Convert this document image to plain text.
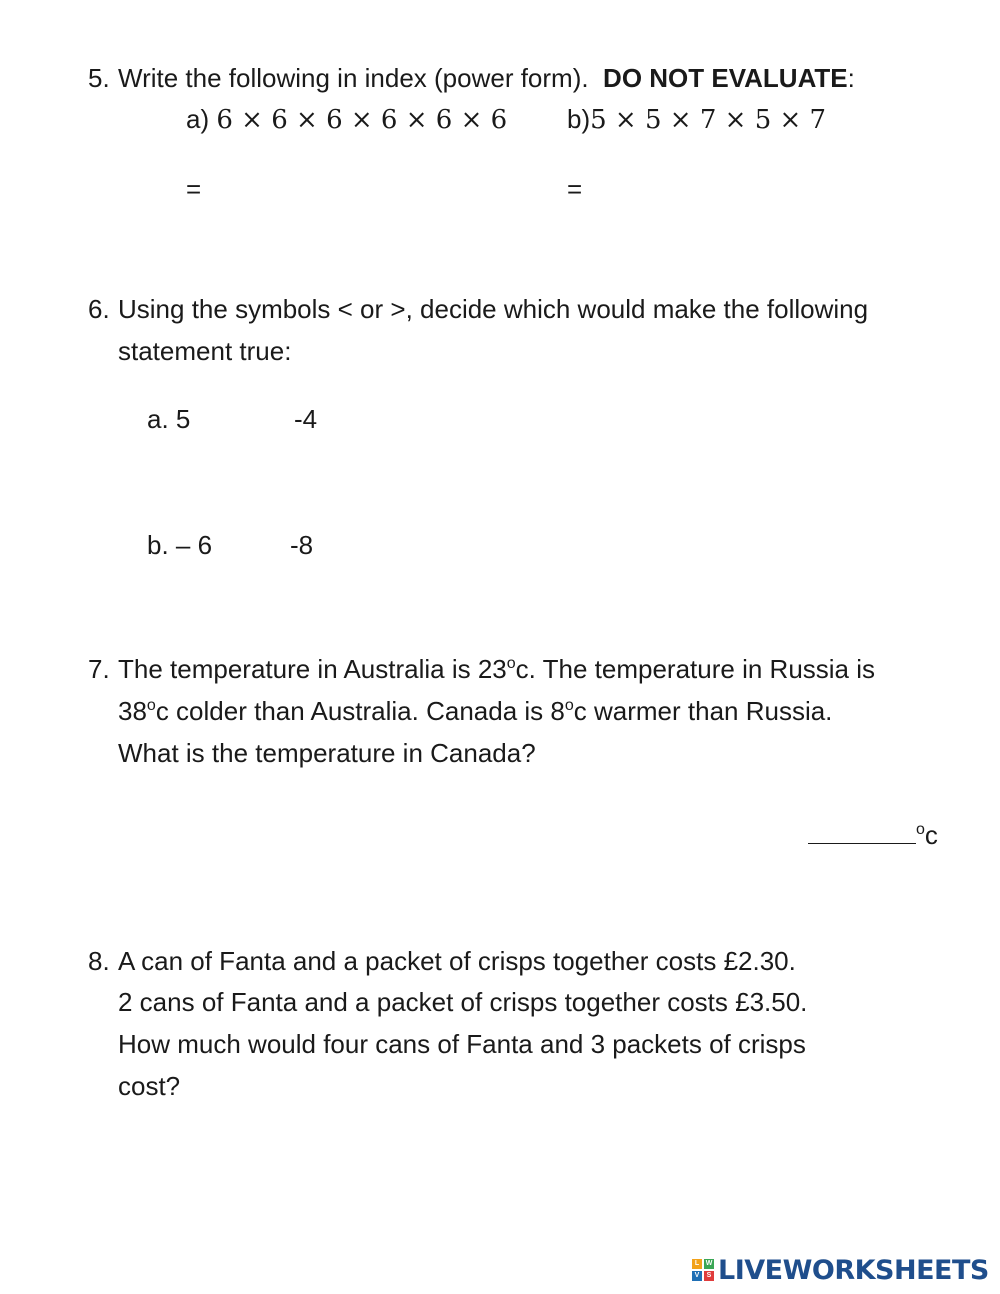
5. Write the following in index (power form). DO NOT EVALUATE:
a) 6 × 6 × 6 × 6 × 6 × 6 b)5 × 5 × 7 × 5 × 7
=	=
6. Using the symbols < or >, decide which would make the following
statement true:
a. 5	-4
b. – 6	-8
7. The temperature in Australia is 23$^o$c. The temperature in Russia is
38$^o$c colder than Australia. Canada is 8$^o$c warmer than Russia.
What is the temperature in Canada?
$^o$c
8. A can of Fanta and a packet of crisps together costs £2.30.
2 cans of Fanta and a packet of crisps together costs £3.50.
How much would four cans of Fanta and 3 packets of crisps
cost?
L W
V	S LIVEWORKSHEETS
